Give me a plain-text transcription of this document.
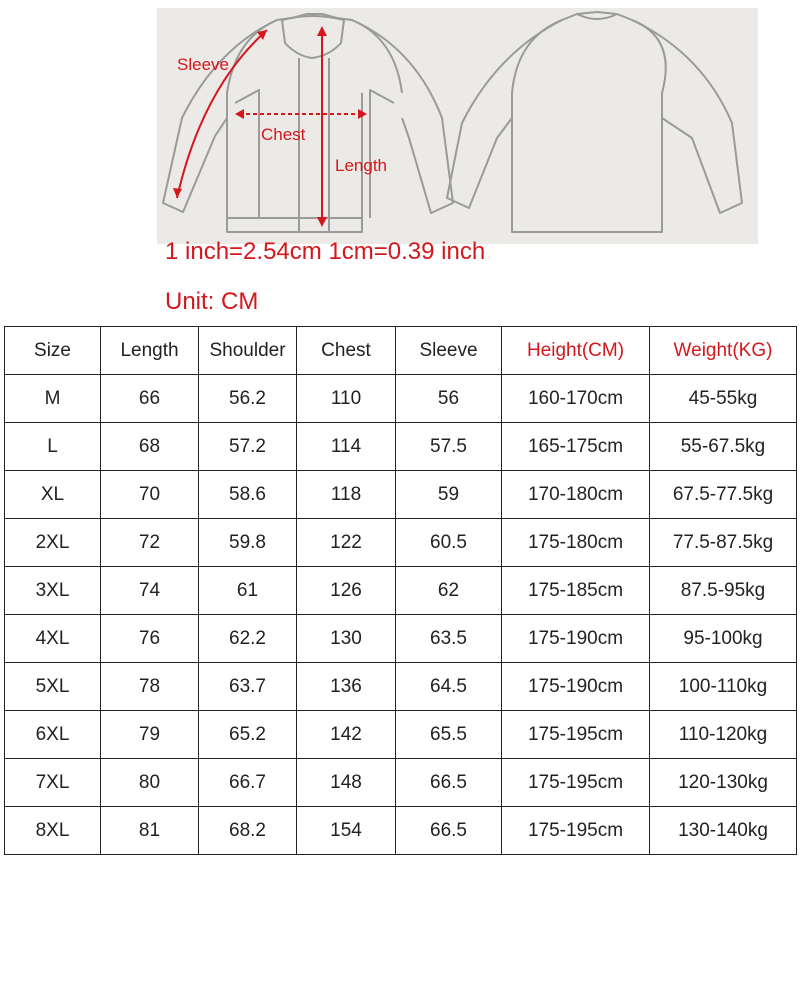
Sleeve
Chest
Length
1 inch=2.54cm 1cm=0.39 inch
Unit: CM
Size	Length	Shoulder	Chest	Sleeve	Height(CM)	Weight(KG)
M	66	56.2	110	56	160-170cm	45-55kg
L	68	57.2	114	57.5	165-175cm	55-67.5kg
XL	70	58.6	118	59	170-180cm	67.5-77.5kg
2XL	72	59.8	122	60.5	175-180cm	77.5-87.5kg
3XL	74	61	126	62	175-185cm	87.5-95kg
4XL	76	62.2	130	63.5	175-190cm	95-100kg
5XL	78	63.7	136	64.5	175-190cm	100-110kg
6XL	79	65.2	142	65.5	175-195cm	110-120kg
7XL	80	66.7	148	66.5	175-195cm	120-130kg
8XL	81	68.2	154	66.5	175-195cm	130-140kg
